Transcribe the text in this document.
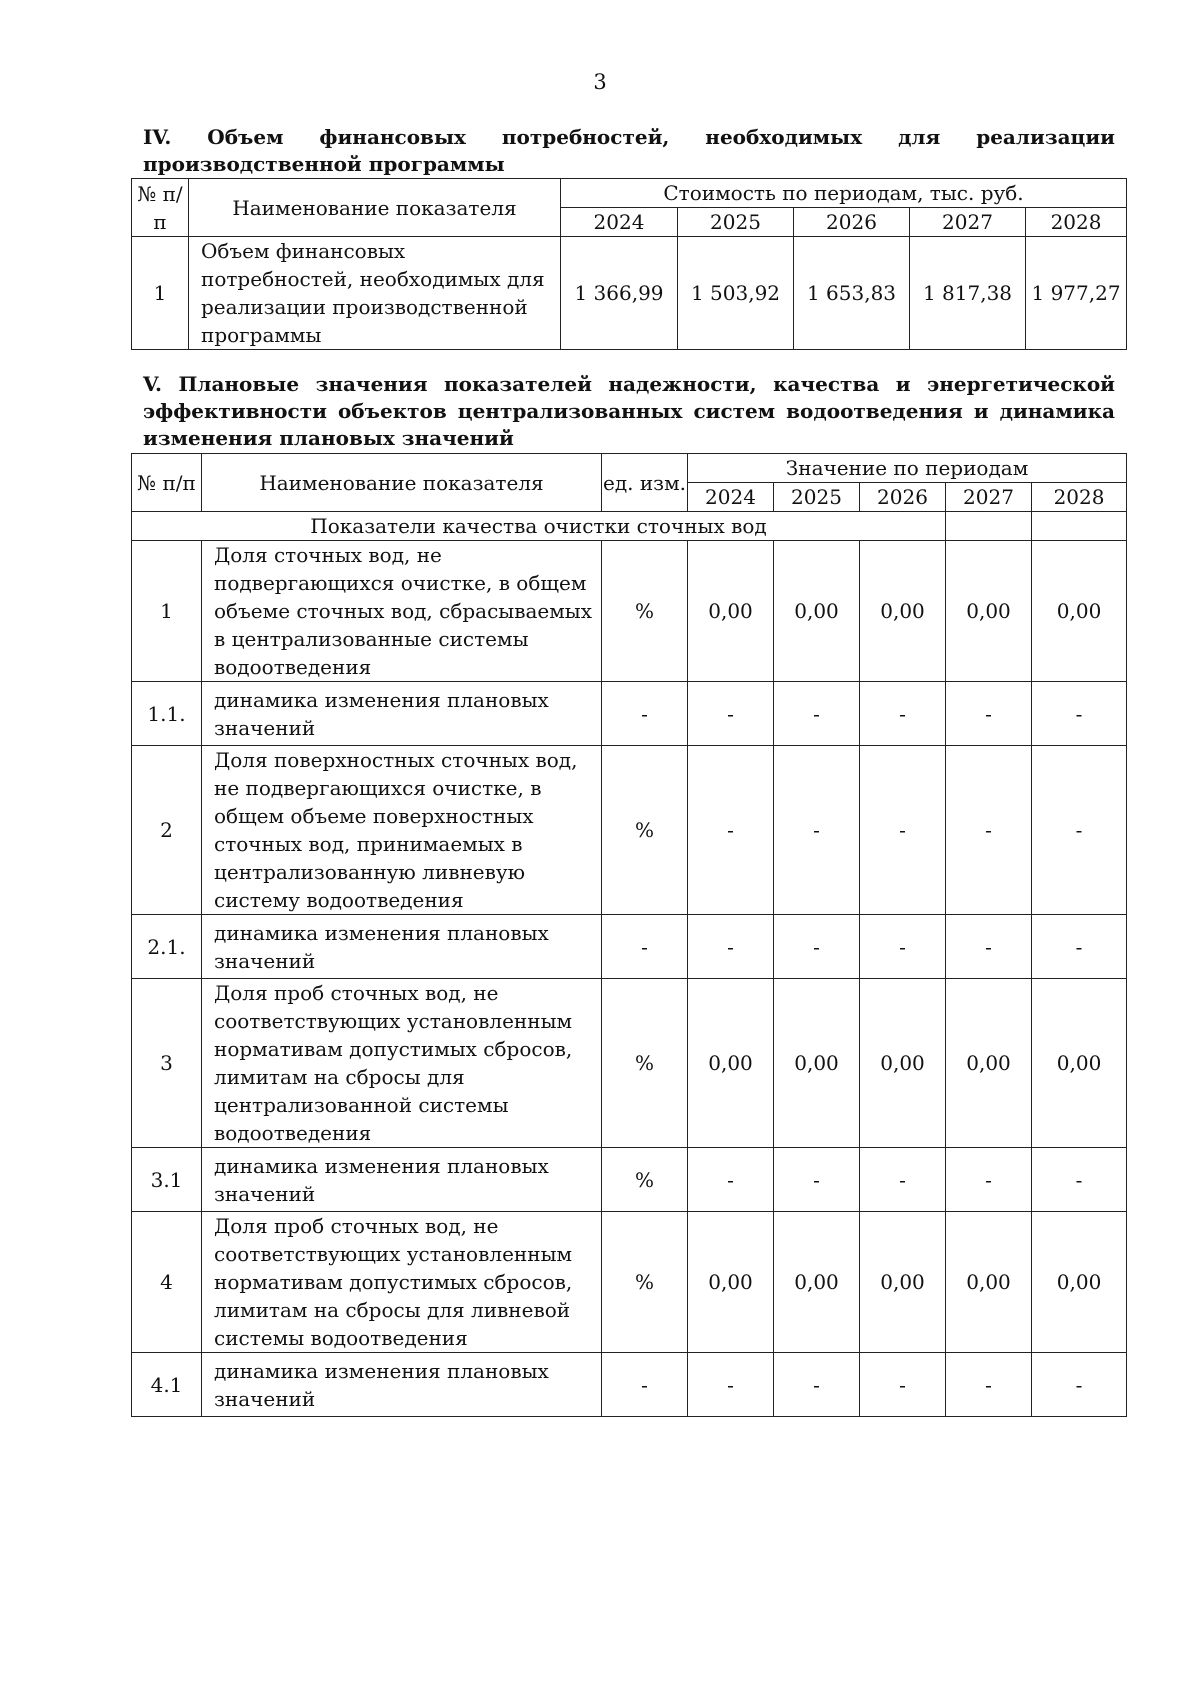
3

IV. Объем финансовых потребностей, необходимых для реализации производственной программы

№ п/п	Наименование показателя	Стоимость по периодам, тыс. руб.				
		2024	2025	2026	2027	2028
1	Объем финансовых потребностей, необходимых для реализации производственной программы	1 366,99	1 503,92	1 653,83	1 817,38	1 977,27

V. Плановые значения показателей надежности, качества и энергетической эффективности объектов централизованных систем водоотведения и динамика изменения плановых значений

№ п/п	Наименование показателя	ед. изм.	Значение по периодам				
			2024	2025	2026	2027	2028
Показатели качества очистки сточных вод							
1	Доля сточных вод, не подвергающихся очистке, в общем объеме сточных вод, сбрасываемых в централизованные системы водоотведения	%	0,00	0,00	0,00	0,00	0,00
1.1.	динамика изменения плановых значений	-	-	-	-	-	-
2	Доля поверхностных сточных вод, не подвергающихся очистке, в общем объеме поверхностных сточных вод, принимаемых в централизованную ливневую систему водоотведения	%	-	-	-	-	-
2.1.	динамика изменения плановых значений	-	-	-	-	-	-
3	Доля проб сточных вод, не соответствующих установленным нормативам допустимых сбросов, лимитам на сбросы для централизованной системы водоотведения	%	0,00	0,00	0,00	0,00	0,00
3.1	динамика изменения плановых значений	%	-	-	-	-	-
4	Доля проб сточных вод, не соответствующих установленным нормативам допустимых сбросов, лимитам на сбросы для ливневой системы водоотведения	%	0,00	0,00	0,00	0,00	0,00
4.1	динамика изменения плановых значений	-	-	-	-	-	-
